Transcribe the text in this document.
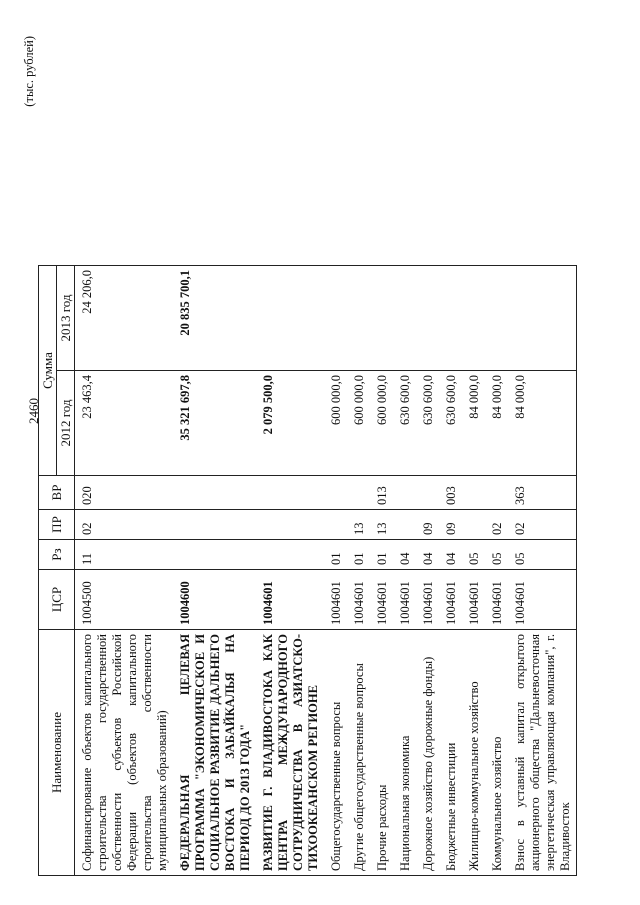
2460
(тыс. рублей)
Наименование	ЦСР	Рз	ПР	ВР	Сумма	
					2012 год	2013 год
Софинансирование объектов капитального строительства государственной собственности субъектов Российской Федерации (объектов капитального строительства собственности муниципальных образований)	1004500	11	02	020	23 463,4	24 206,0
ФЕДЕРАЛЬНАЯ ЦЕЛЕВАЯ ПРОГРАММА "ЭКОНОМИЧЕСКОЕ И СОЦИАЛЬНОЕ РАЗВИТИЕ ДАЛЬНЕГО ВОСТОКА И ЗАБАЙКАЛЬЯ НА ПЕРИОД ДО 2013 ГОДА"	1004600				35 321 697,8	20 835 700,1
РАЗВИТИЕ Г. ВЛАДИВОСТОКА КАК ЦЕНТРА МЕЖДУНАРОДНОГО СОТРУДНИЧЕСТВА В АЗИАТСКО-ТИХООКЕАНСКОМ РЕГИОНЕ	1004601				2 079 500,0	
Общегосударственные вопросы	1004601	01			600 000,0	
Другие общегосударственные вопросы	1004601	01	13		600 000,0	
Прочие расходы	1004601	01	13	013	600 000,0	
Национальная экономика	1004601	04			630 600,0	
Дорожное хозяйство (дорожные фонды)	1004601	04	09		630 600,0	
Бюджетные инвестиции	1004601	04	09	003	630 600,0	
Жилищно-коммунальное хозяйство	1004601	05			84 000,0	
Коммунальное хозяйство	1004601	05	02		84 000,0	
Взнос в уставный капитал открытого акционерного общества "Дальневосточная энергетическая управляющая компания", г. Владивосток	1004601	05	02	363	84 000,0	
